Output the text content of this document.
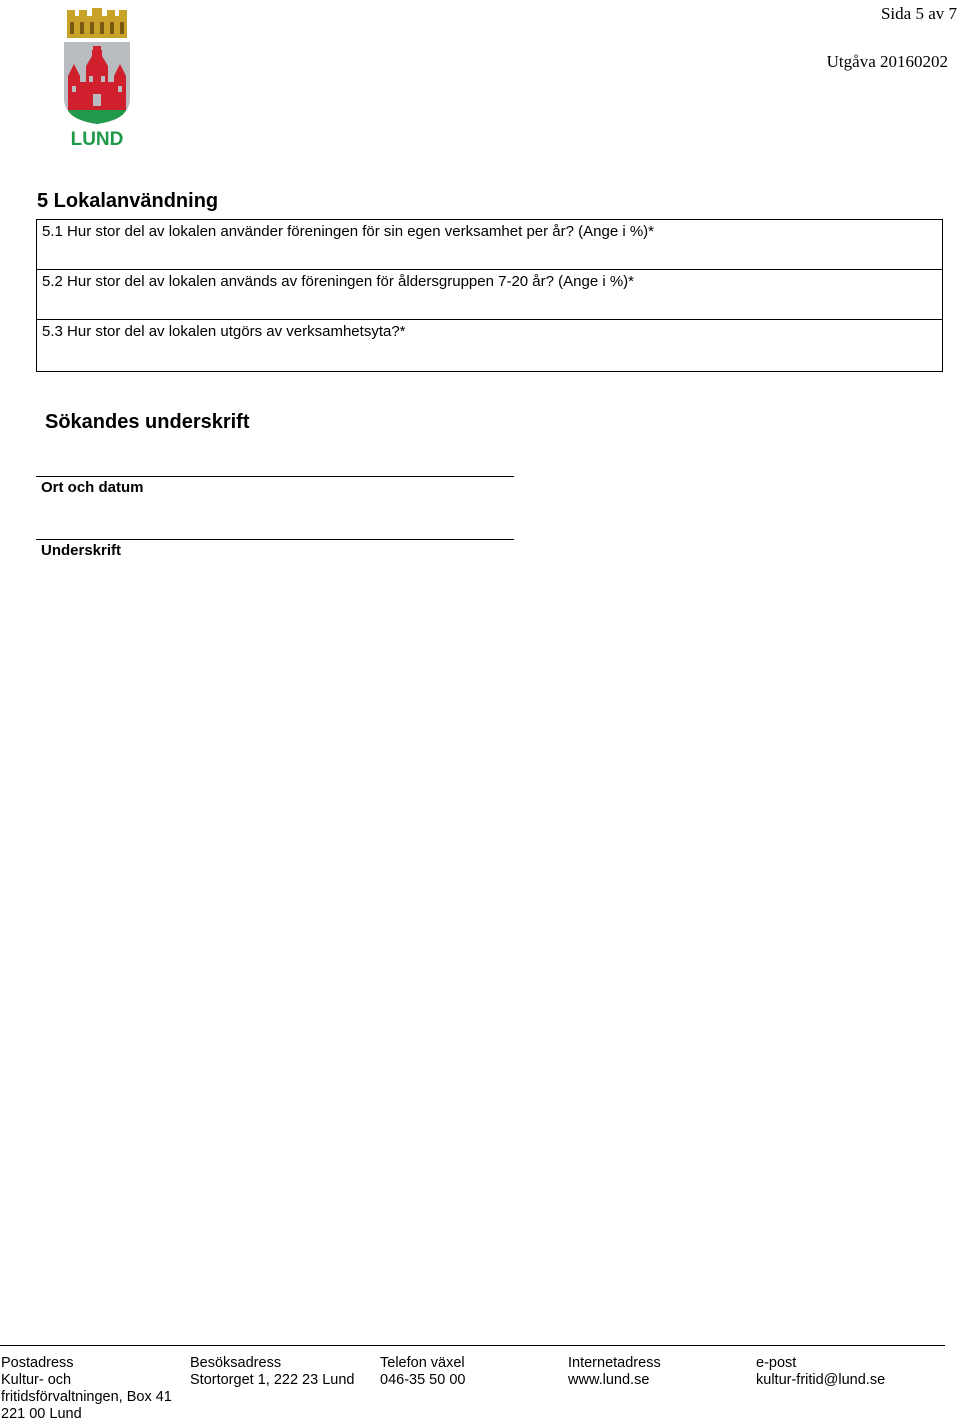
Sida 5 av 7
Utgåva 20160202
LUND
5 Lokalanvändning
5.1 Hur stor del av lokalen använder föreningen för sin egen verksamhet per år? (Ange i %)*
5.2 Hur stor del av lokalen används av föreningen för åldersgruppen 7-20 år? (Ange i %)*
5.3 Hur stor del av lokalen utgörs av verksamhetsyta?*
Sökandes underskrift
Ort och datum
Underskrift
Postadress
Kultur- och
fritidsförvaltningen, Box 41
221 00 Lund
Besöksadress
Stortorget 1, 222 23 Lund
Telefon växel
046-35 50 00
Internetadress
www.lund.se
e-post
kultur-fritid@lund.se
